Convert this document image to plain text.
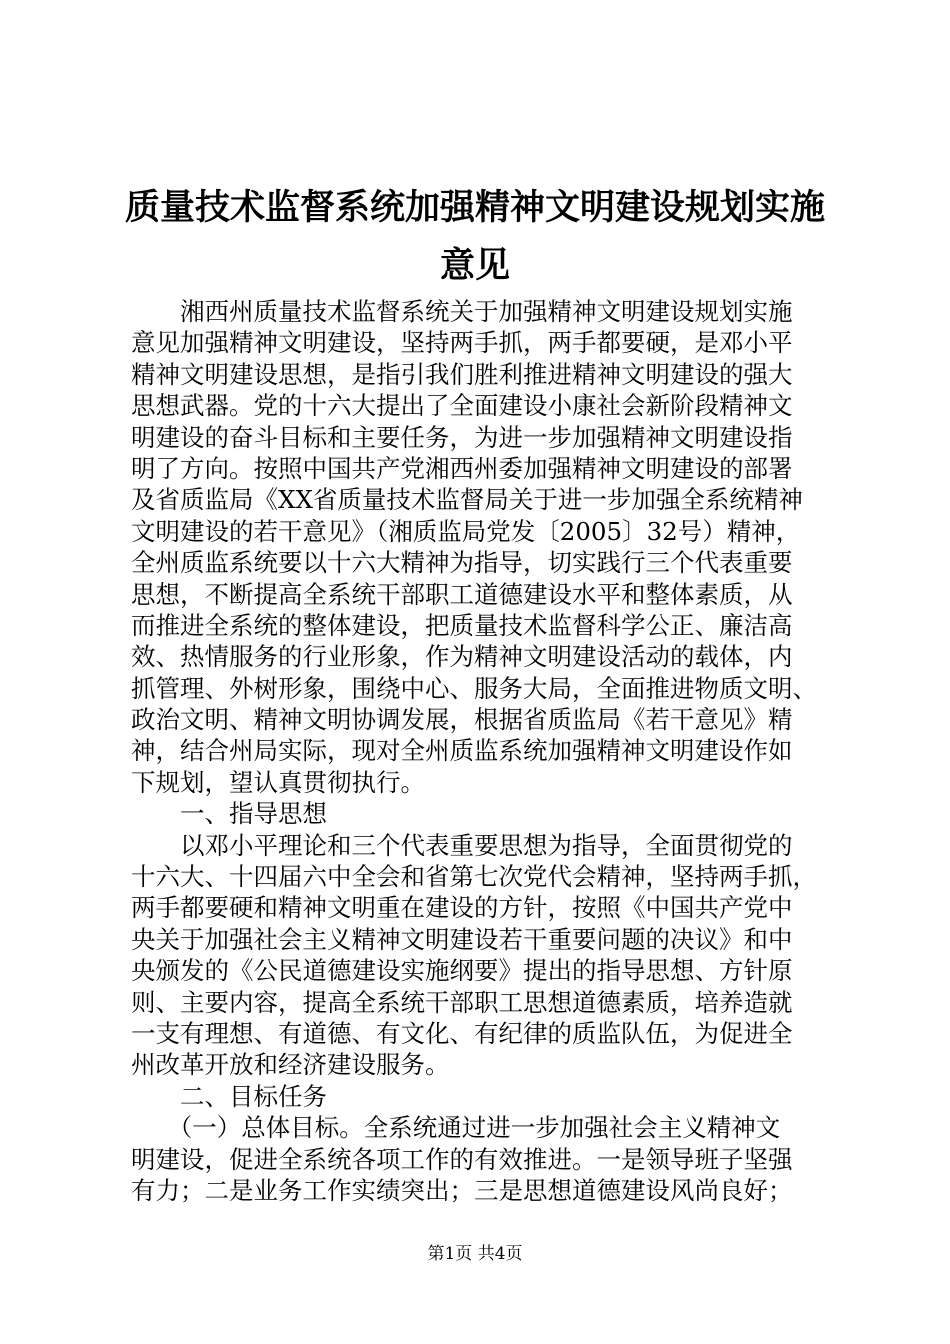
质量技术监督系统加强精神文明建设规划实施
意见
　　湘西州质量技术监督系统关于加强精神文明建设规划实施
意见加强精神文明建设，坚持两手抓，两手都要硬，是邓小平
精神文明建设思想，是指引我们胜利推进精神文明建设的强大
思想武器。党的十六大提出了全面建设小康社会新阶段精神文
明建设的奋斗目标和主要任务，为进一步加强精神文明建设指
明了方向。按照中国共产党湘西州委加强精神文明建设的部署
及省质监局《XX省质量技术监督局关于进一步加强全系统精神
文明建设的若干意见》（湘质监局党发〔2005〕32号）精神，
全州质监系统要以十六大精神为指导，切实践行三个代表重要
思想，不断提高全系统干部职工道德建设水平和整体素质，从
而推进全系统的整体建设，把质量技术监督科学公正、廉洁高
效、热情服务的行业形象，作为精神文明建设活动的载体，内
抓管理、外树形象，围绕中心、服务大局，全面推进物质文明、
政治文明、精神文明协调发展，根据省质监局《若干意见》精
神，结合州局实际，现对全州质监系统加强精神文明建设作如
下规划，望认真贯彻执行。
　　一、指导思想
　　以邓小平理论和三个代表重要思想为指导，全面贯彻党的
十六大、十四届六中全会和省第七次党代会精神，坚持两手抓，
两手都要硬和精神文明重在建设的方针，按照《中国共产党中
央关于加强社会主义精神文明建设若干重要问题的决议》和中
央颁发的《公民道德建设实施纲要》提出的指导思想、方针原
则、主要内容，提高全系统干部职工思想道德素质，培养造就
一支有理想、有道德、有文化、有纪律的质监队伍，为促进全
州改革开放和经济建设服务。
　　二、目标任务
　　（一）总体目标。全系统通过进一步加强社会主义精神文
明建设，促进全系统各项工作的有效推进。一是领导班子坚强
有力；二是业务工作实绩突出；三是思想道德建设风尚良好；
第1页 共4页
